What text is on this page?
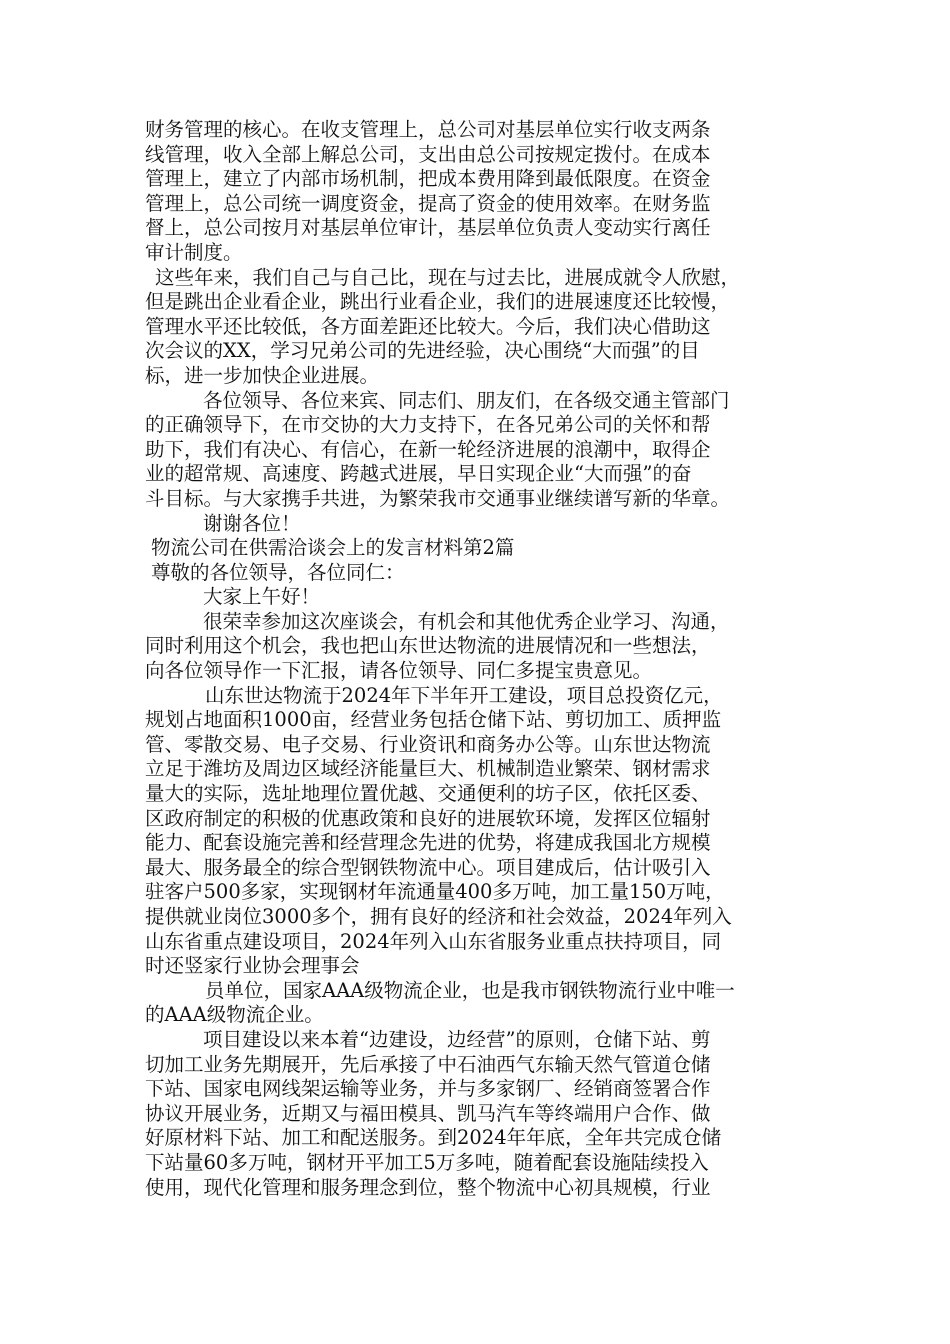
财务管理的核心。在收支管理上，总公司对基层单位实行收支两条
线管理，收入全部上解总公司，支出由总公司按规定拨付。在成本
管理上，建立了内部市场机制，把成本费用降到最低限度。在资金
管理上，总公司统一调度资金，提高了资金的使用效率。在财务监
督上，总公司按月对基层单位审计，基层单位负责人变动实行离任
审计制度。
这些年来，我们自己与自己比，现在与过去比，进展成就令人欣慰，
但是跳出企业看企业，跳出行业看企业，我们的进展速度还比较慢，
管理水平还比较低，各方面差距还比较大。今后，我们决心借助这
次会议的XX，学习兄弟公司的先进经验，决心围绕“大而强”的目
标，进一步加快企业进展。
各位领导、各位来宾、同志们、朋友们，在各级交通主管部门
的正确领导下，在市交协的大力支持下，在各兄弟公司的关怀和帮
助下，我们有决心、有信心，在新一轮经济进展的浪潮中，取得企
业的超常规、高速度、跨越式进展，早日实现企业“大而强”的奋
斗目标。与大家携手共进，为繁荣我市交通事业继续谱写新的华章。
谢谢各位！
物流公司在供需洽谈会上的发言材料第2篇
尊敬的各位领导，各位同仁：
大家上午好！
很荣幸参加这次座谈会，有机会和其他优秀企业学习、沟通，
同时利用这个机会，我也把山东世达物流的进展情况和一些想法，
向各位领导作一下汇报，请各位领导、同仁多提宝贵意见。
山东世达物流于2024年下半年开工建设，项目总投资亿元，
规划占地面积1000亩，经营业务包括仓储下站、剪切加工、质押监
管、零散交易、电子交易、行业资讯和商务办公等。山东世达物流
立足于潍坊及周边区域经济能量巨大、机械制造业繁荣、钢材需求
量大的实际，选址地理位置优越、交通便利的坊子区，依托区委、
区政府制定的积极的优惠政策和良好的进展软环境，发挥区位辐射
能力、配套设施完善和经营理念先进的优势，将建成我国北方规模
最大、服务最全的综合型钢铁物流中心。项目建成后，估计吸引入
驻客户500多家，实现钢材年流通量400多万吨，加工量150万吨，
提供就业岗位3000多个，拥有良好的经济和社会效益，2024年列入
山东省重点建设项目，2024年列入山东省服务业重点扶持项目，同
时还竖家行业协会理事会
员单位，国家AAA级物流企业，也是我市钢铁物流行业中唯一
的AAA级物流企业。
项目建设以来本着“边建设，边经营”的原则，仓储下站、剪
切加工业务先期展开，先后承接了中石油西气东输天然气管道仓储
下站、国家电网线架运输等业务，并与多家钢厂、经销商签署合作
协议开展业务，近期又与福田模具、凯马汽车等终端用户合作、做
好原材料下站、加工和配送服务。到2024年年底，全年共完成仓储
下站量60多万吨，钢材开平加工5万多吨，随着配套设施陆续投入
使用，现代化管理和服务理念到位，整个物流中心初具规模，行业
